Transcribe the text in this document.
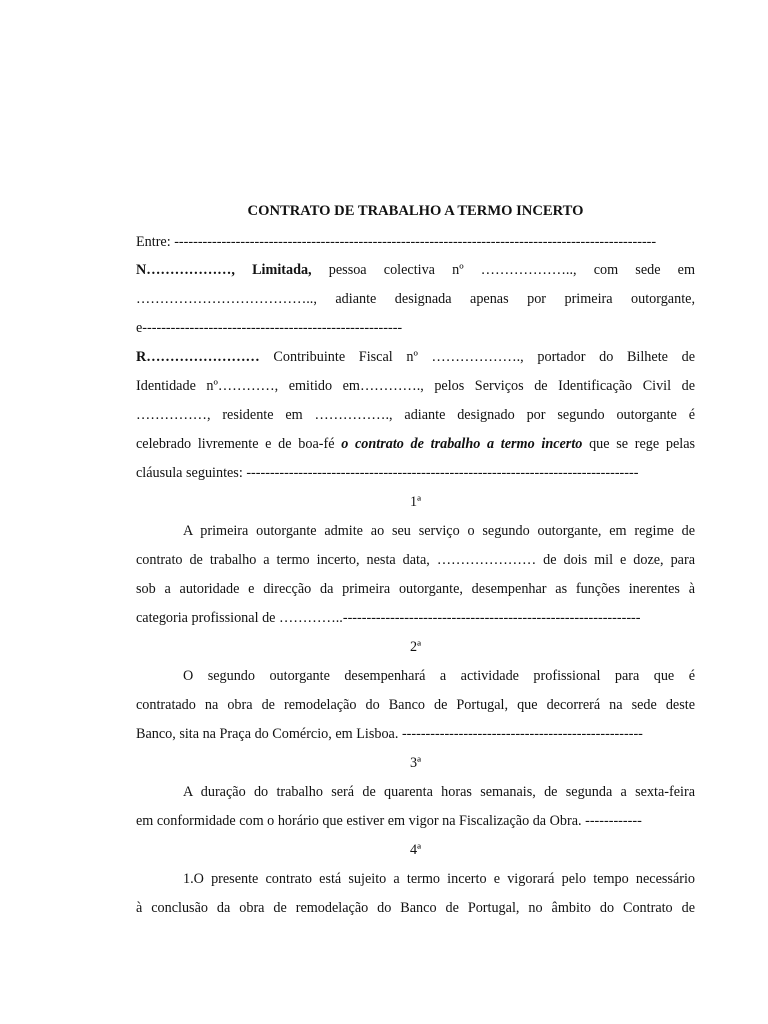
CONTRATO DE TRABALHO A TERMO INCERTO
Entre: ------------------------------------------------------------------------------------------------------
N………………, Limitada, pessoa colectiva nº ……………….., com sede em
……………………………….., adiante designada apenas por primeira outorgante,
e-------------------------------------------------------
R…………………… Contribuinte Fiscal nº ………………., portador do Bilhete de
Identidade nº…………, emitido em…………., pelos Serviços de Identificação Civil de
……………, residente em ……………., adiante designado por segundo outorgante é
celebrado livremente e de boa-fé o contrato de trabalho a termo incerto que se rege pelas
cláusula seguintes: -----------------------------------------------------------------------------------
1ª
A primeira outorgante admite ao seu serviço o segundo outorgante, em regime de
contrato de trabalho a termo incerto, nesta data, ………………… de dois mil e doze, para
sob a autoridade e direcção da primeira outorgante, desempenhar as funções inerentes à
categoria profissional de …………..---------------------------------------------------------------
2ª
O segundo outorgante desempenhará a actividade profissional para que é
contratado na obra de remodelação do Banco de Portugal, que decorrerá na sede deste
Banco, sita na Praça do Comércio, em Lisboa. ---------------------------------------------------
3ª
A duração do trabalho será de quarenta horas semanais, de segunda a sexta-feira
em conformidade com o horário que estiver em vigor na Fiscalização da Obra. ------------
4ª
1.O presente contrato está sujeito a termo incerto e vigorará pelo tempo necessário
à conclusão da obra de remodelação do Banco de Portugal, no âmbito do Contrato de
